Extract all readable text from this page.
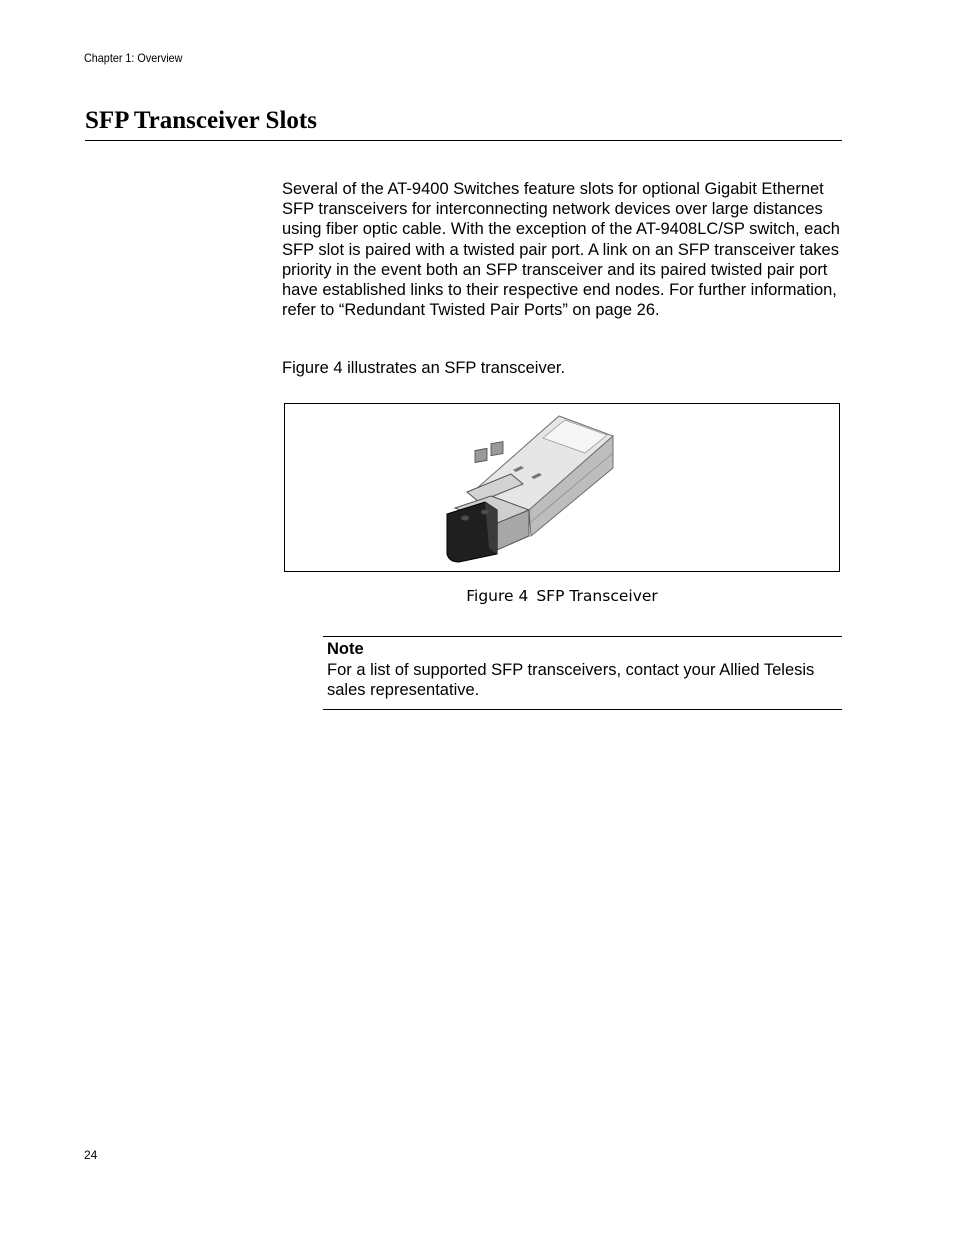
Chapter 1: Overview
SFP Transceiver Slots

Several of the AT-9400 Switches feature slots for optional Gigabit Ethernet SFP transceivers for interconnecting network devices over large distances using fiber optic cable. With the exception of the AT-9408LC/SP switch, each SFP slot is paired with a twisted pair port. A link on an SFP transceiver takes priority in the event both an SFP transceiver and its paired twisted pair port have established links to their respective end nodes. For further information, refer to “Redundant Twisted Pair Ports” on page 26.

Figure 4 illustrates an SFP transceiver.

Figure 4 SFP Transceiver
Note

For a list of supported SFP transceivers, contact your Allied Telesis sales representative.

24
